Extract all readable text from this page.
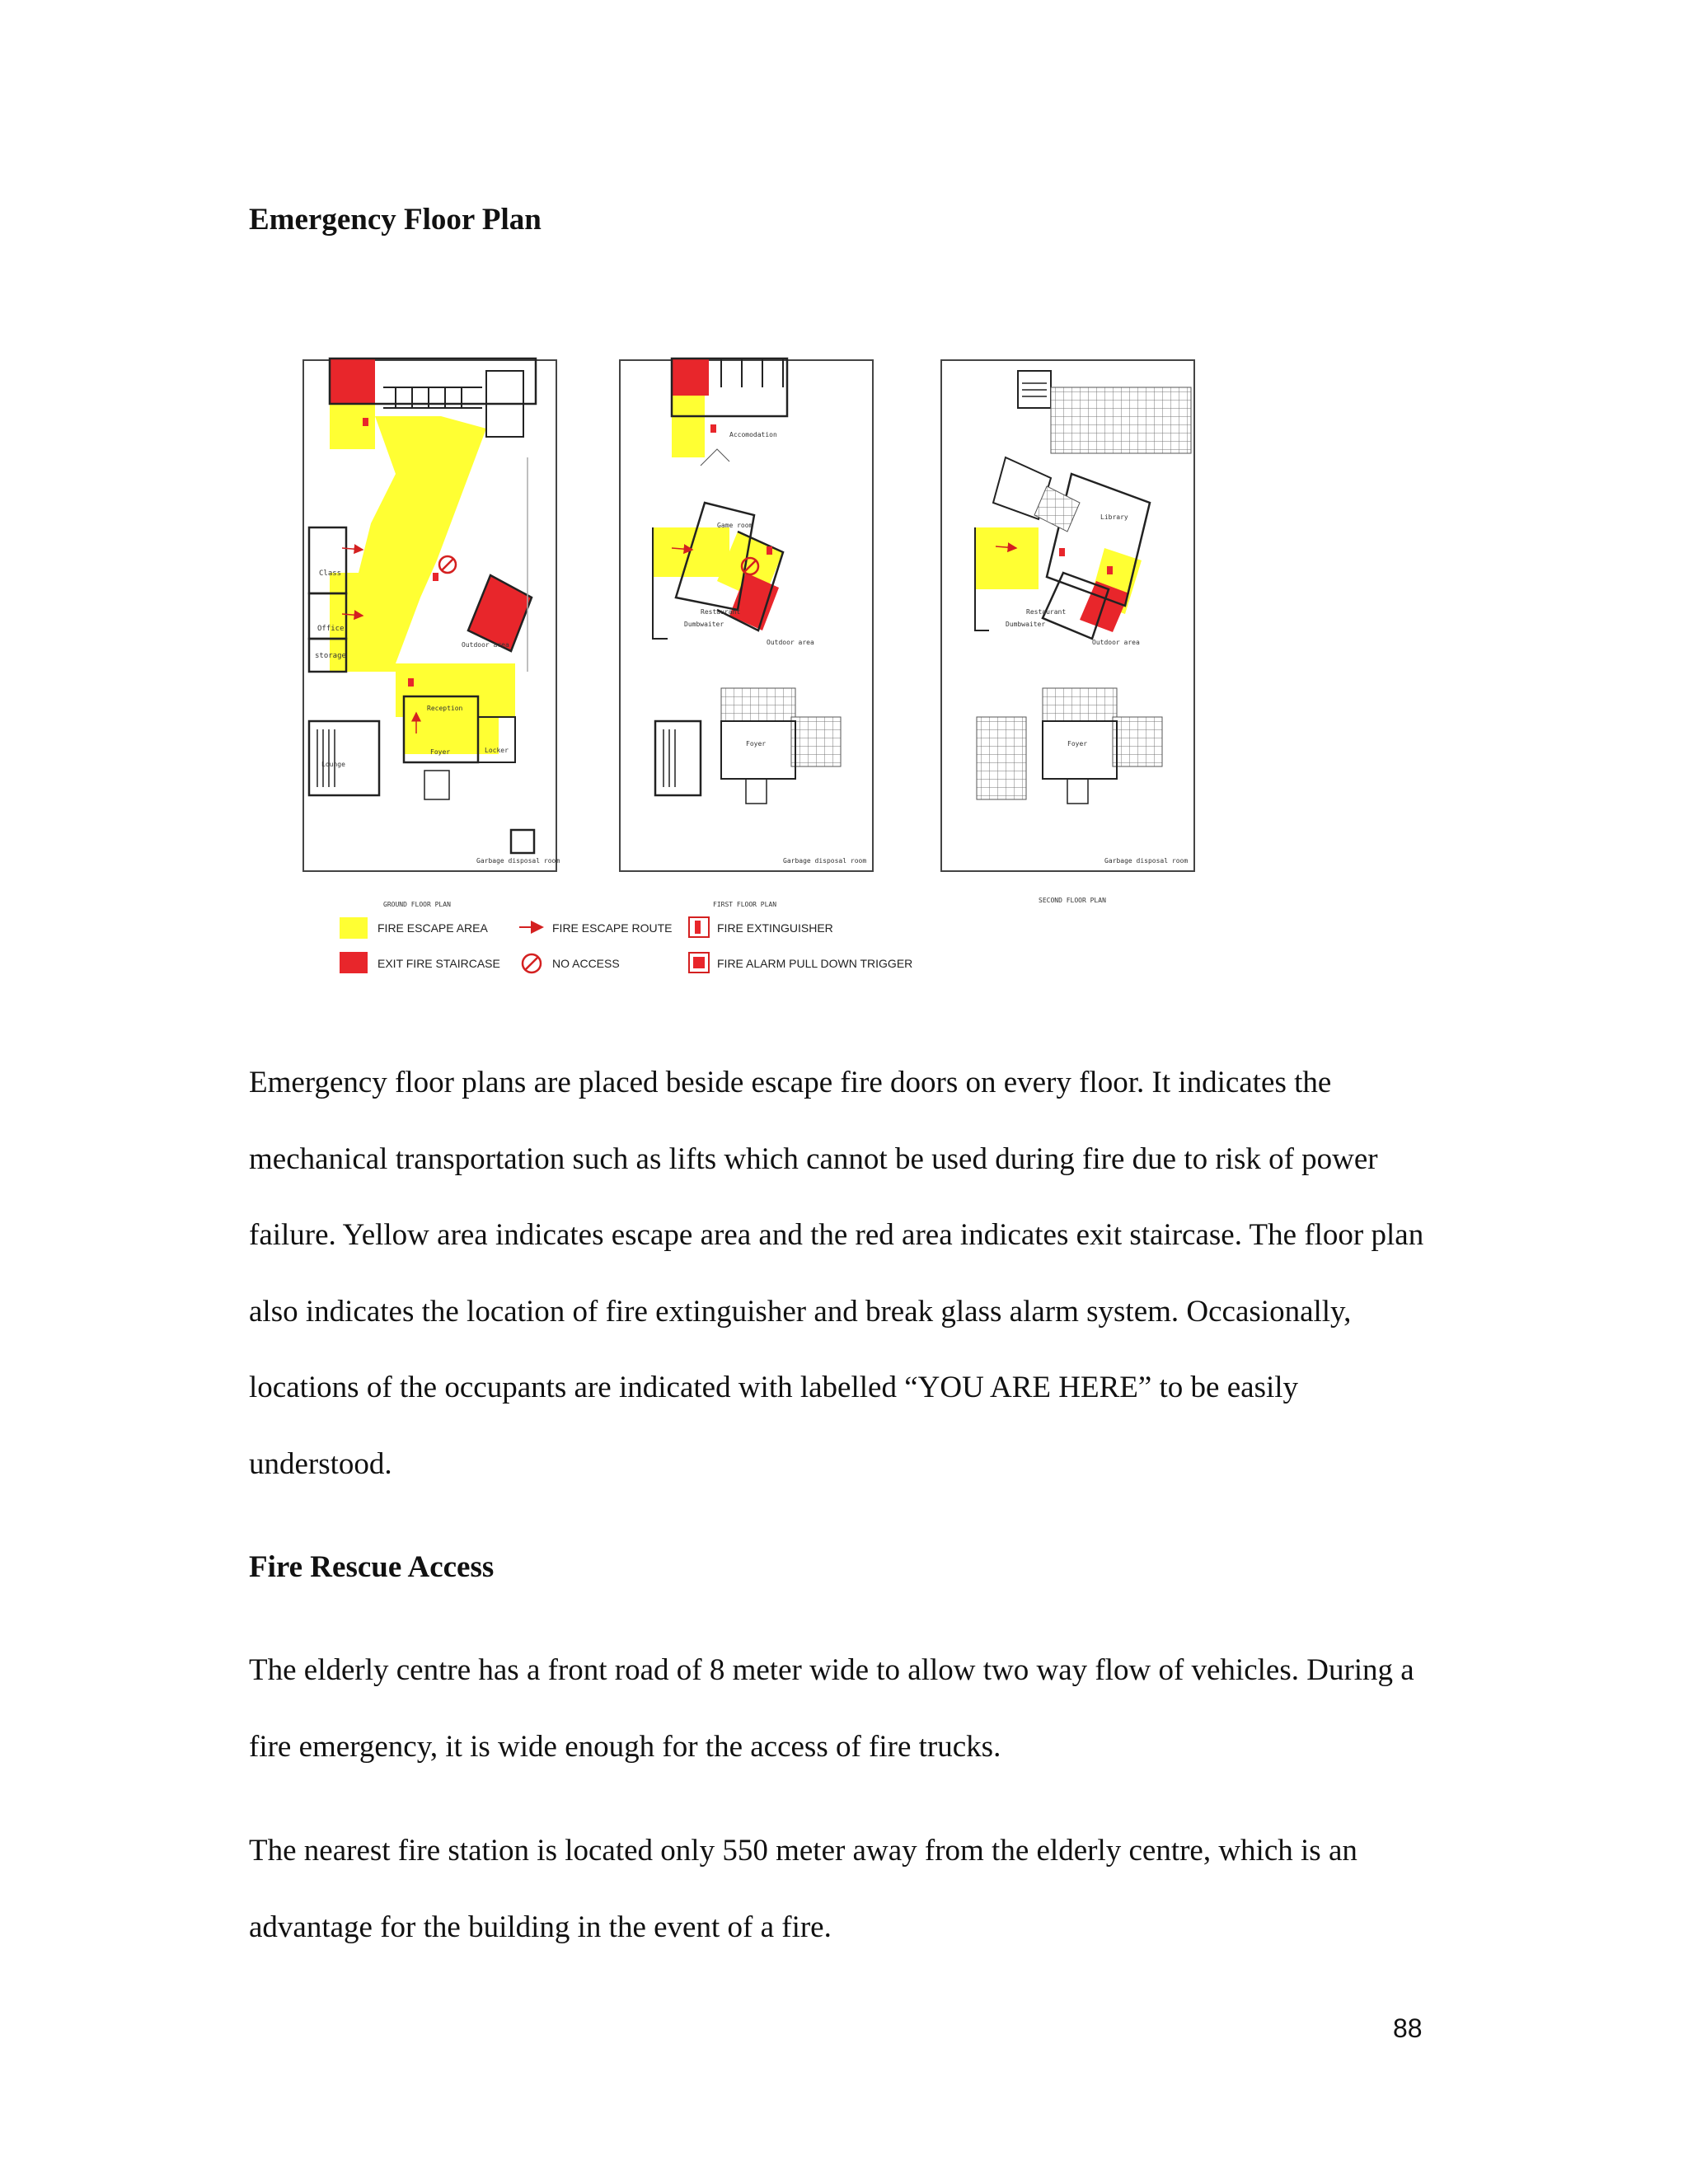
Emergency Floor Plan
Class
Office
storage
Reception
Foyer	Locker
Lounge
Outdoor area
Garbage disposal room
GROUND FLOOR PLAN
Accomodation
Game room
Restaurant
Dumbwaiter
Foyer
Outdoor area
Garbage disposal room
FIRST FLOOR PLAN
Library
Restaurant
Dumbwaiter
Foyer
Outdoor area
Garbage disposal room
SECOND FLOOR PLAN
FIRE ESCAPE AREA	FIRE ESCAPE ROUTE	FIRE EXTINGUISHER
EXIT FIRE STAIRCASE	NO ACCESS	FIRE ALARM PULL DOWN TRIGGER

Emergency floor plans are placed beside escape fire doors on every floor. It indicates the mechanical transportation such as lifts which cannot be used during fire due to risk of power failure. Yellow area indicates escape area and the red area indicates exit staircase. The floor plan also indicates the location of fire extinguisher and break glass alarm system. Occasionally, locations of the occupants are indicated with labelled “YOU ARE HERE” to be easily understood.

Fire Rescue Access

The elderly centre has a front road of 8 meter wide to allow two way flow of vehicles. During a fire emergency, it is wide enough for the access of fire trucks.

The nearest fire station is located only 550 meter away from the elderly centre, which is an advantage for the building in the event of a fire.

88
